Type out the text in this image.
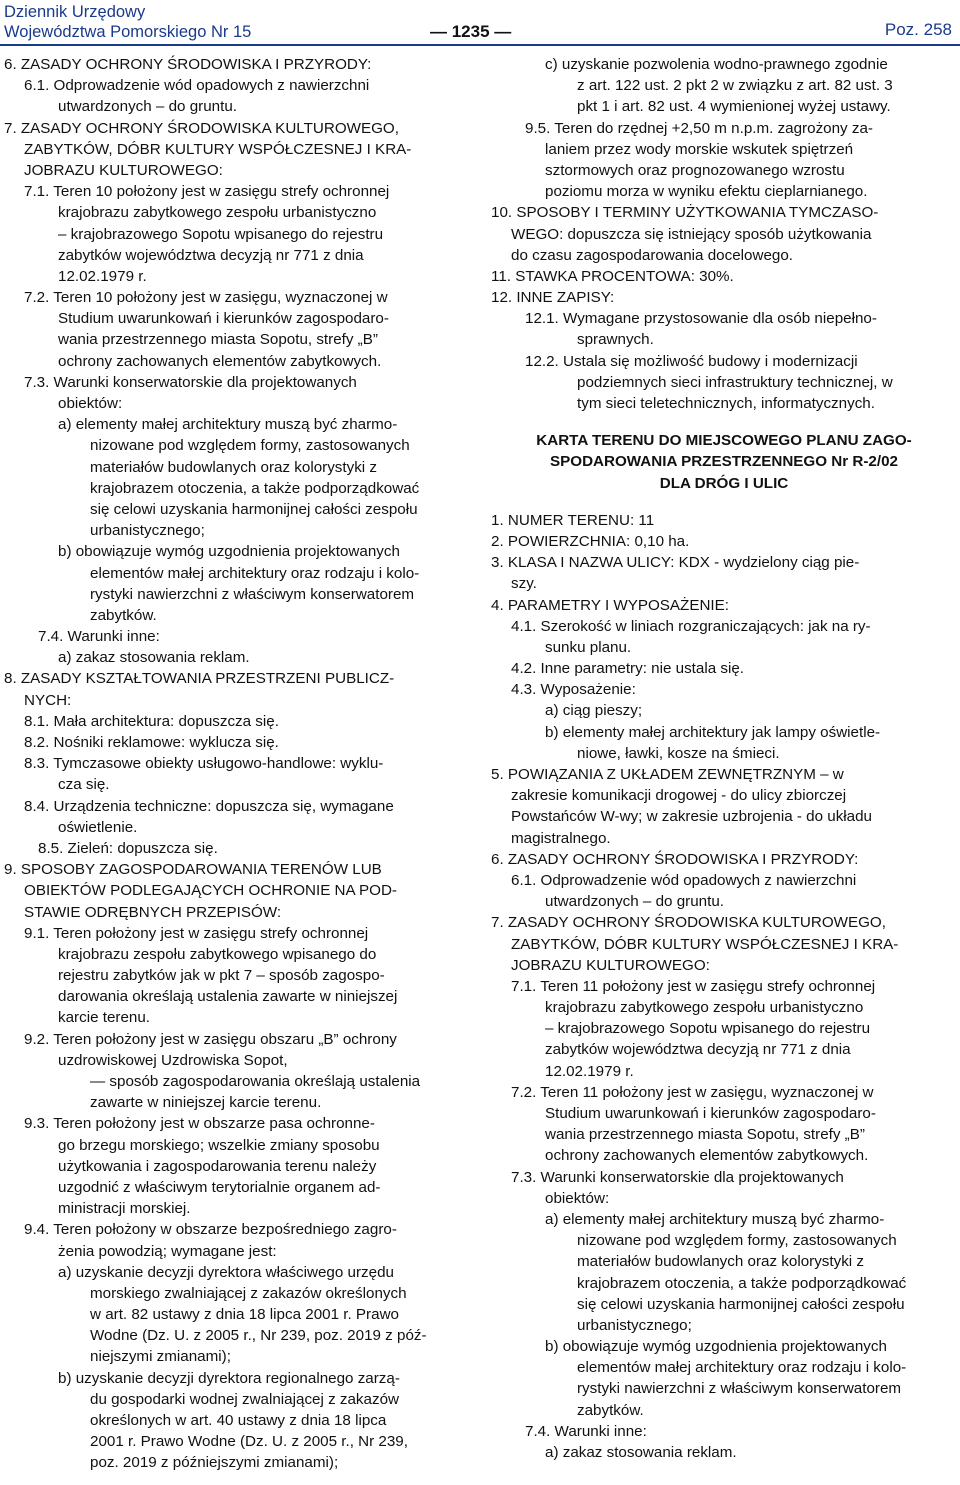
Dziennik Urzędowy
Województwa Pomorskiego Nr 15	— 1235 —	Poz. 258
6. ZASADY OCHRONY ŚRODOWISKA I PRZYRODY:
6.1. Odprowadzenie wód opadowych z nawierzchni
utwardzonych – do gruntu.
7. ZASADY OCHRONY ŚRODOWISKA KULTUROWEGO,
ZABYTKÓW, DÓBR KULTURY WSPÓŁCZESNEJ I KRA-
JOBRAZU KULTUROWEGO:
7.1. Teren 10 położony jest w zasięgu strefy ochronnej
krajobrazu zabytkowego zespołu urbanistyczno
– krajobrazowego Sopotu wpisanego do rejestru
zabytków województwa decyzją nr 771 z dnia
12.02.1979 r.
7.2. Teren 10 położony jest w zasięgu, wyznaczonej w
Studium uwarunkowań i kierunków zagospodaro-
wania przestrzennego miasta Sopotu, strefy „B”
ochrony zachowanych elementów zabytkowych.
7.3. Warunki konserwatorskie dla projektowanych
obiektów:
a) elementy małej architektury muszą być zharmo-
nizowane pod względem formy, zastosowanych
materiałów budowlanych oraz kolorystyki z
krajobrazem otoczenia, a także podporządkować
się celowi uzyskania harmonijnej całości zespołu
urbanistycznego;
b) obowiązuje wymóg uzgodnienia projektowanych
elementów małej architektury oraz rodzaju i kolo-
rystyki nawierzchni z właściwym konserwatorem
zabytków.
7.4. Warunki inne:
a) zakaz stosowania reklam.
8. ZASADY KSZTAŁTOWANIA PRZESTRZENI PUBLICZ-
NYCH:
8.1. Mała architektura: dopuszcza się.
8.2. Nośniki reklamowe: wyklucza się.
8.3. Tymczasowe obiekty usługowo-handlowe: wyklu-
cza się.
8.4. Urządzenia techniczne: dopuszcza się, wymagane
oświetlenie.
8.5. Zieleń: dopuszcza się.
9. SPOSOBY ZAGOSPODAROWANIA TERENÓW LUB
OBIEKTÓW PODLEGAJĄCYCH OCHRONIE NA POD-
STAWIE ODRĘBNYCH PRZEPISÓW:
9.1. Teren położony jest w zasięgu strefy ochronnej
krajobrazu zespołu zabytkowego wpisanego do
rejestru zabytków jak w pkt 7 – sposób zagospo-
darowania określają ustalenia zawarte w niniejszej
karcie terenu.
9.2. Teren położony jest w zasięgu obszaru „B” ochrony
uzdrowiskowej Uzdrowiska Sopot,
— sposób zagospodarowania określają ustalenia
zawarte w niniejszej karcie terenu.
9.3. Teren położony jest w obszarze pasa ochronne-
go brzegu morskiego; wszelkie zmiany sposobu
użytkowania i zagospodarowania terenu należy
uzgodnić z właściwym terytorialnie organem ad-
ministracji morskiej.
9.4. Teren położony w obszarze bezpośredniego zagro-
żenia powodzią; wymagane jest:
a) uzyskanie decyzji dyrektora właściwego urzędu
morskiego zwalniającej z zakazów określonych
w art. 82 ustawy z dnia 18 lipca 2001 r. Prawo
Wodne (Dz. U. z 2005 r., Nr 239, poz. 2019 z póź-
niejszymi zmianami);
b) uzyskanie decyzji dyrektora regionalnego zarzą-
du gospodarki wodnej zwalniającej z zakazów
określonych w art. 40 ustawy z dnia 18 lipca
2001 r. Prawo Wodne (Dz. U. z 2005 r., Nr 239,
poz. 2019 z późniejszymi zmianami);
c) uzyskanie pozwolenia wodno-prawnego zgodnie
z art. 122 ust. 2 pkt 2 w związku z art. 82 ust. 3
pkt 1 i art. 82 ust. 4 wymienionej wyżej ustawy.
9.5. Teren do rzędnej +2,50 m n.p.m. zagrożony za-
laniem przez wody morskie wskutek spiętrzeń
sztormowych oraz prognozowanego wzrostu
poziomu morza w wyniku efektu cieplarnianego.
10. SPOSOBY I TERMINY UŻYTKOWANIA TYMCZASO-
WEGO: dopuszcza się istniejący sposób użytkowania
do czasu zagospodarowania docelowego.
11. STAWKA PROCENTOWA: 30%.
12. INNE ZAPISY:
12.1. Wymagane przystosowanie dla osób niepełno-
sprawnych.
12.2. Ustala się możliwość budowy i modernizacji
podziemnych sieci infrastruktury technicznej, w
tym sieci teletechnicznych, informatycznych.
KARTA TERENU DO MIEJSCOWEGO PLANU ZAGO-
SPODAROWANIA PRZESTRZENNEGO Nr R-2/02
DLA DRÓG I ULIC
1. NUMER TERENU: 11
2. POWIERZCHNIA: 0,10 ha.
3. KLASA I NAZWA ULICY: KDX - wydzielony ciąg pie-
szy.
4. PARAMETRY I WYPOSAŻENIE:
4.1. Szerokość w liniach rozgraniczających: jak na ry-
sunku planu.
4.2. Inne parametry: nie ustala się.
4.3. Wyposażenie:
a) ciąg pieszy;
b) elementy małej architektury jak lampy oświetle-
niowe, ławki, kosze na śmieci.
5. POWIĄZANIA Z UKŁADEM ZEWNĘTRZNYM – w
zakresie komunikacji drogowej - do ulicy zbiorczej
Powstańców W-wy; w zakresie uzbrojenia - do układu
magistralnego.
6. ZASADY OCHRONY ŚRODOWISKA I PRZYRODY:
6.1. Odprowadzenie wód opadowych z nawierzchni
utwardzonych – do gruntu.
7. ZASADY OCHRONY ŚRODOWISKA KULTUROWEGO,
ZABYTKÓW, DÓBR KULTURY WSPÓŁCZESNEJ I KRA-
JOBRAZU KULTUROWEGO:
7.1. Teren 11 położony jest w zasięgu strefy ochronnej
krajobrazu zabytkowego zespołu urbanistyczno
– krajobrazowego Sopotu wpisanego do rejestru
zabytków województwa decyzją nr 771 z dnia
12.02.1979 r.
7.2. Teren 11 położony jest w zasięgu, wyznaczonej w
Studium uwarunkowań i kierunków zagospodaro-
wania przestrzennego miasta Sopotu, strefy „B”
ochrony zachowanych elementów zabytkowych.
7.3. Warunki konserwatorskie dla projektowanych
obiektów:
a) elementy małej architektury muszą być zharmo-
nizowane pod względem formy, zastosowanych
materiałów budowlanych oraz kolorystyki z
krajobrazem otoczenia, a także podporządkować
się celowi uzyskania harmonijnej całości zespołu
urbanistycznego;
b) obowiązuje wymóg uzgodnienia projektowanych
elementów małej architektury oraz rodzaju i kolo-
rystyki nawierzchni z właściwym konserwatorem
zabytków.
7.4. Warunki inne:
a) zakaz stosowania reklam.
